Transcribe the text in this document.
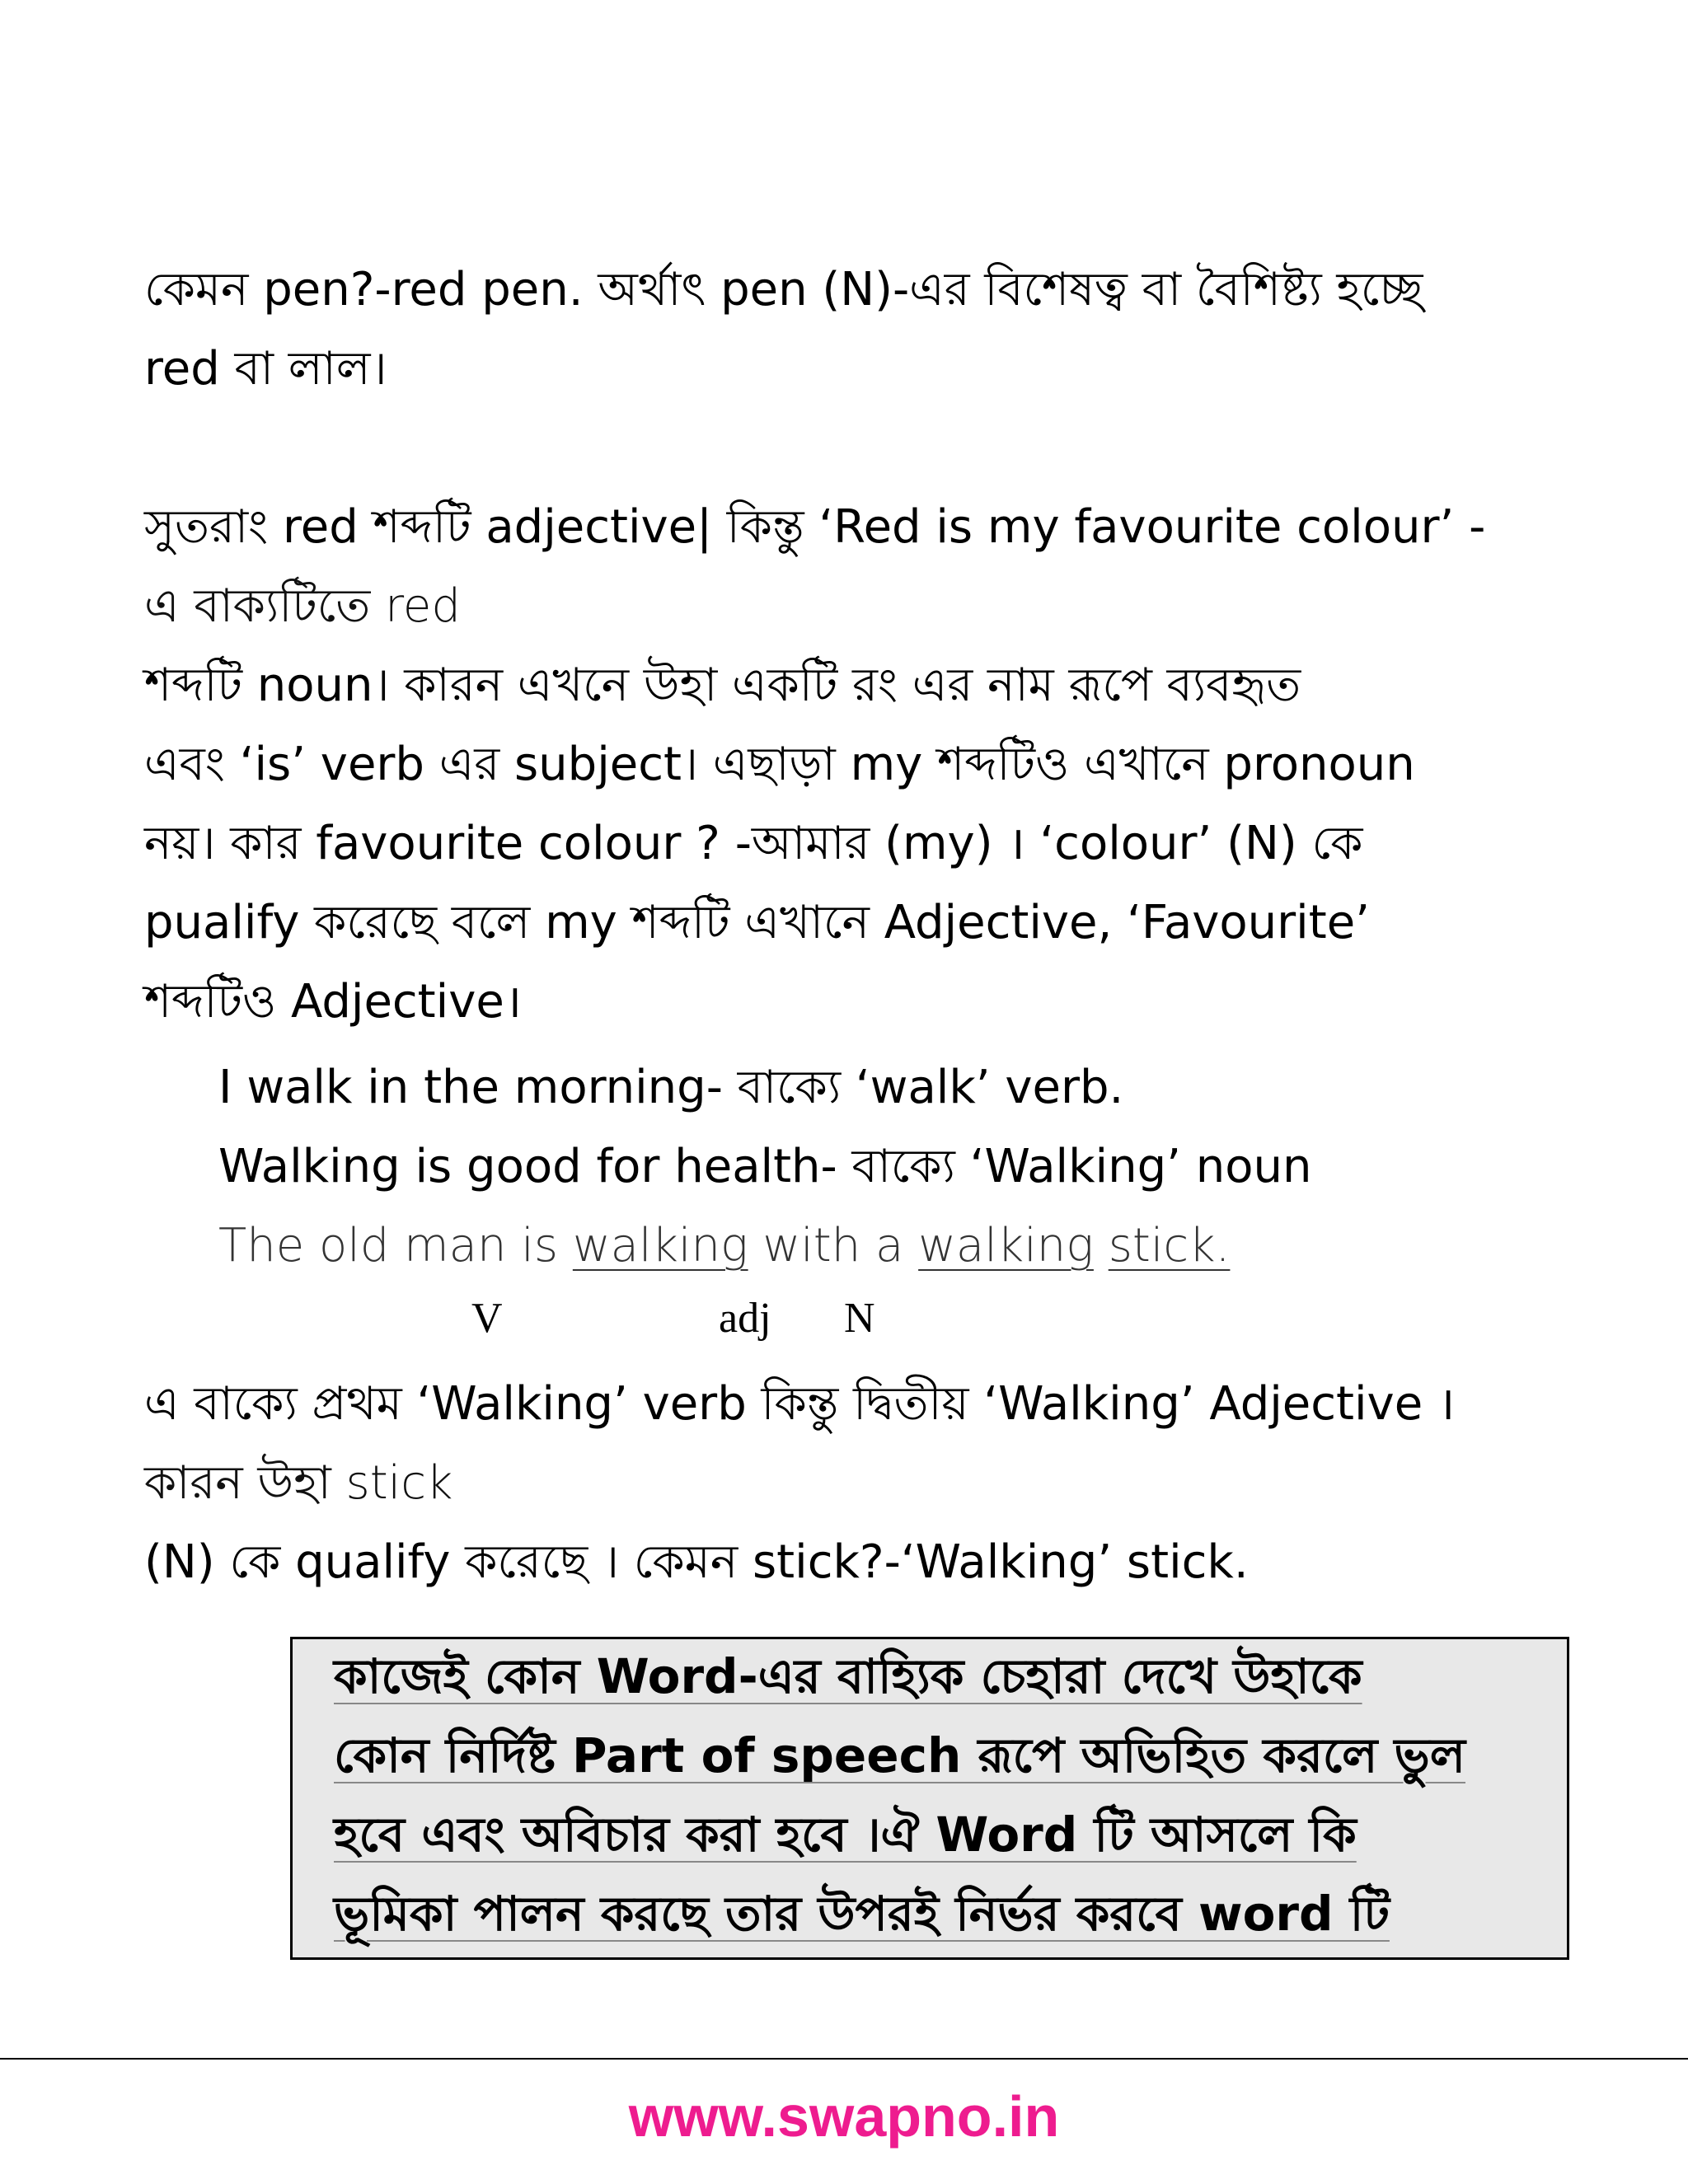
কেমন pen?-red pen. অর্থাৎ pen (N)-এর বিশেষত্ব বা বৈশিষ্ট্য হচ্ছে
red বা লাল।
সুতরাং red শব্দটি adjective| কিন্তু ‘Red is my favourite colour’ -
এ বাক্যটিতে red
শব্দটি noun। কারন এখনে উহা একটি রং এর নাম রূপে ব্যবহৃত
এবং ‘is’ verb এর subject। এছাড়া my শব্দটিও এখানে pronoun
নয়। কার favourite colour ? -আমার (my) । ‘colour’ (N) কে
pualify করেছে বলে my শব্দটি এখানে Adjective, ‘Favourite’
শব্দটিও Adjective।
I walk in the morning- বাক্যে ‘walk’ verb.
Walking is good for health- বাক্যে ‘Walking’ noun
The old man is walking with a walking stick.
V	adj N
এ বাক্যে প্রথম ‘Walking’ verb কিন্তু দ্বিতীয় ‘Walking’ Adjective ।
কারন উহা stick
(N) কে qualify করেছে । কেমন stick?-‘Walking’ stick.
কাজেই কোন Word-এর বাহ্যিক চেহারা দেখে উহাকে
কোন নির্দিষ্ট Part of speech রূপে অভিহিত করলে ভুল
হবে এবং অবিচার করা হবে ।ঐ Word টি আসলে কি
ভূমিকা পালন করছে তার উপরই নির্ভর করবে word টি
www.swapno.in
